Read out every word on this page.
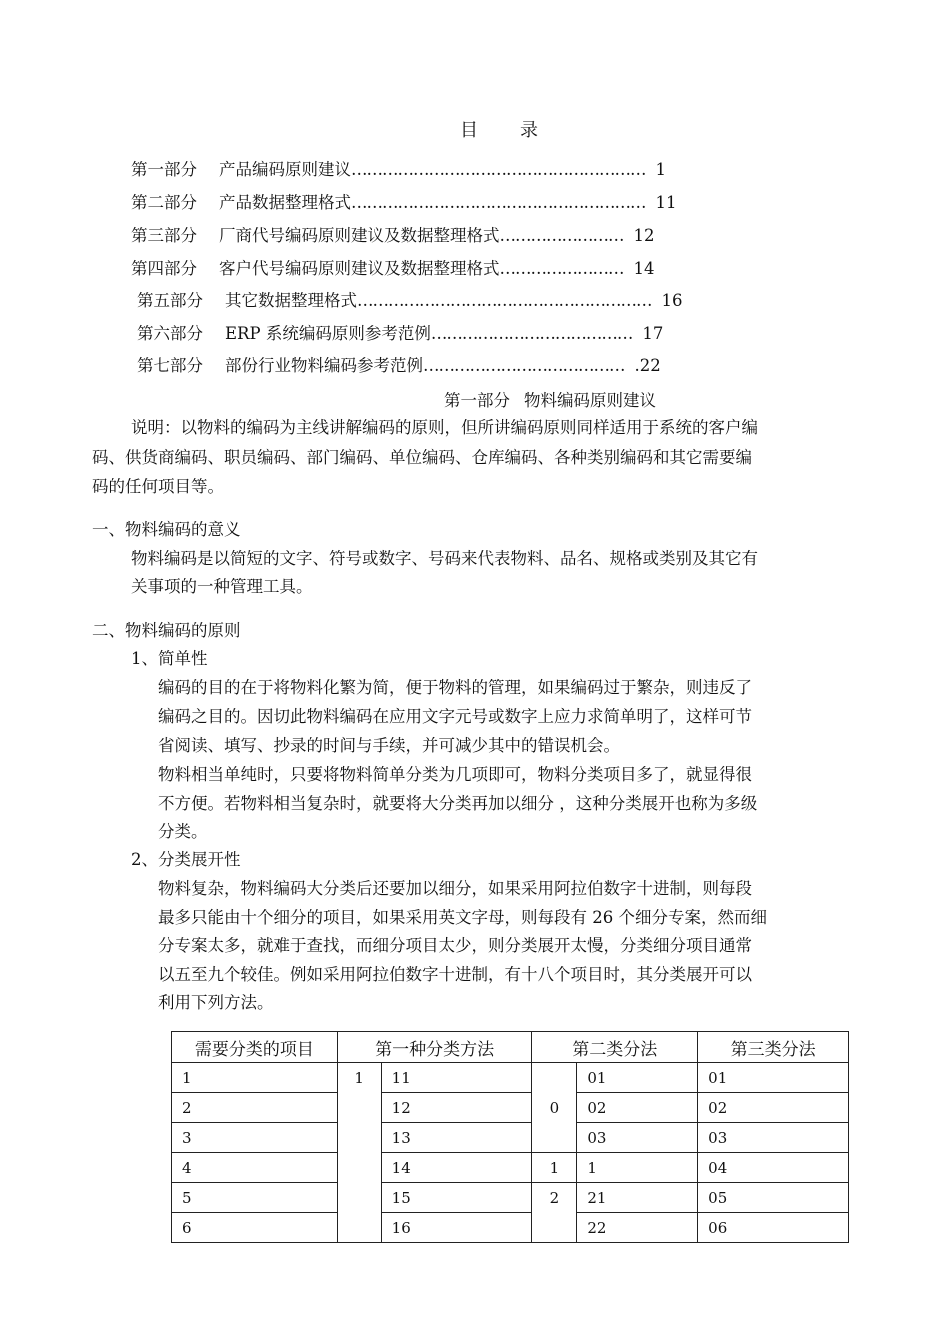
目 录
第一部分 产品编码原则建议 ………………………………………………… 1
第二部分 产品数据整理格式 ………………………………………………… 11
第三部分 厂商代号编码原则建议及数据整理格式 …………………… 12
第四部分 客户代号编码原则建议及数据整理格式 …………………… 14
第五部分 其它数据整理格式 ………………………………………………… 16
第六部分 ERP 系统编码原则参考范例 ………………………………… 17
第七部分 部份行业物料编码参考范例 ………………………………… .22
第一部分 物料编码原则建议
说明：以物料的编码为主线讲解编码的原则，但所讲编码原则同样适用于系统的客户编
码、供货商编码、职员编码、部门编码、单位编码、仓库编码、各种类别编码和其它需要编
码的任何项目等。
一、物料编码的意义
物料编码是以简短的文字、符号或数字、号码来代表物料、品名、规格或类别及其它有
关事项的一种管理工具。
二、物料编码的原则
1、简单性
编码的目的在于将物料化繁为简，便于物料的管理，如果编码过于繁杂，则违反了
编码之目的。因切此物料编码在应用文字元号或数字上应力求简单明了，这样可节
省阅读、填写、抄录的时间与手续，并可减少其中的错误机会。
物料相当单纯时，只要将物料简单分类为几项即可，物料分类项目多了，就显得很
不方便。若物料相当复杂时，就要将大分类再加以细分 ，这种分类展开也称为多级
分类。
2、分类展开性
物料复杂，物料编码大分类后还要加以细分，如果采用阿拉伯数字十进制，则每段
最多只能由十个细分的项目，如果采用英文字母，则每段有 26 个细分专案，然而细
分专案太多，就难于查找，而细分项目太少，则分类展开太慢，分类细分项目通常
以五至九个较佳。例如采用阿拉伯数字十进制，有十八个项目时，其分类展开可以
利用下列方法。
需要分类的项目	第一种分类方法		第二类分法		第三类分法
1	1	11	0	01	01
2		12		02	02
3		13		03	03
4		14	1	1	04
5		15	2	21	05
6		16		22	06
